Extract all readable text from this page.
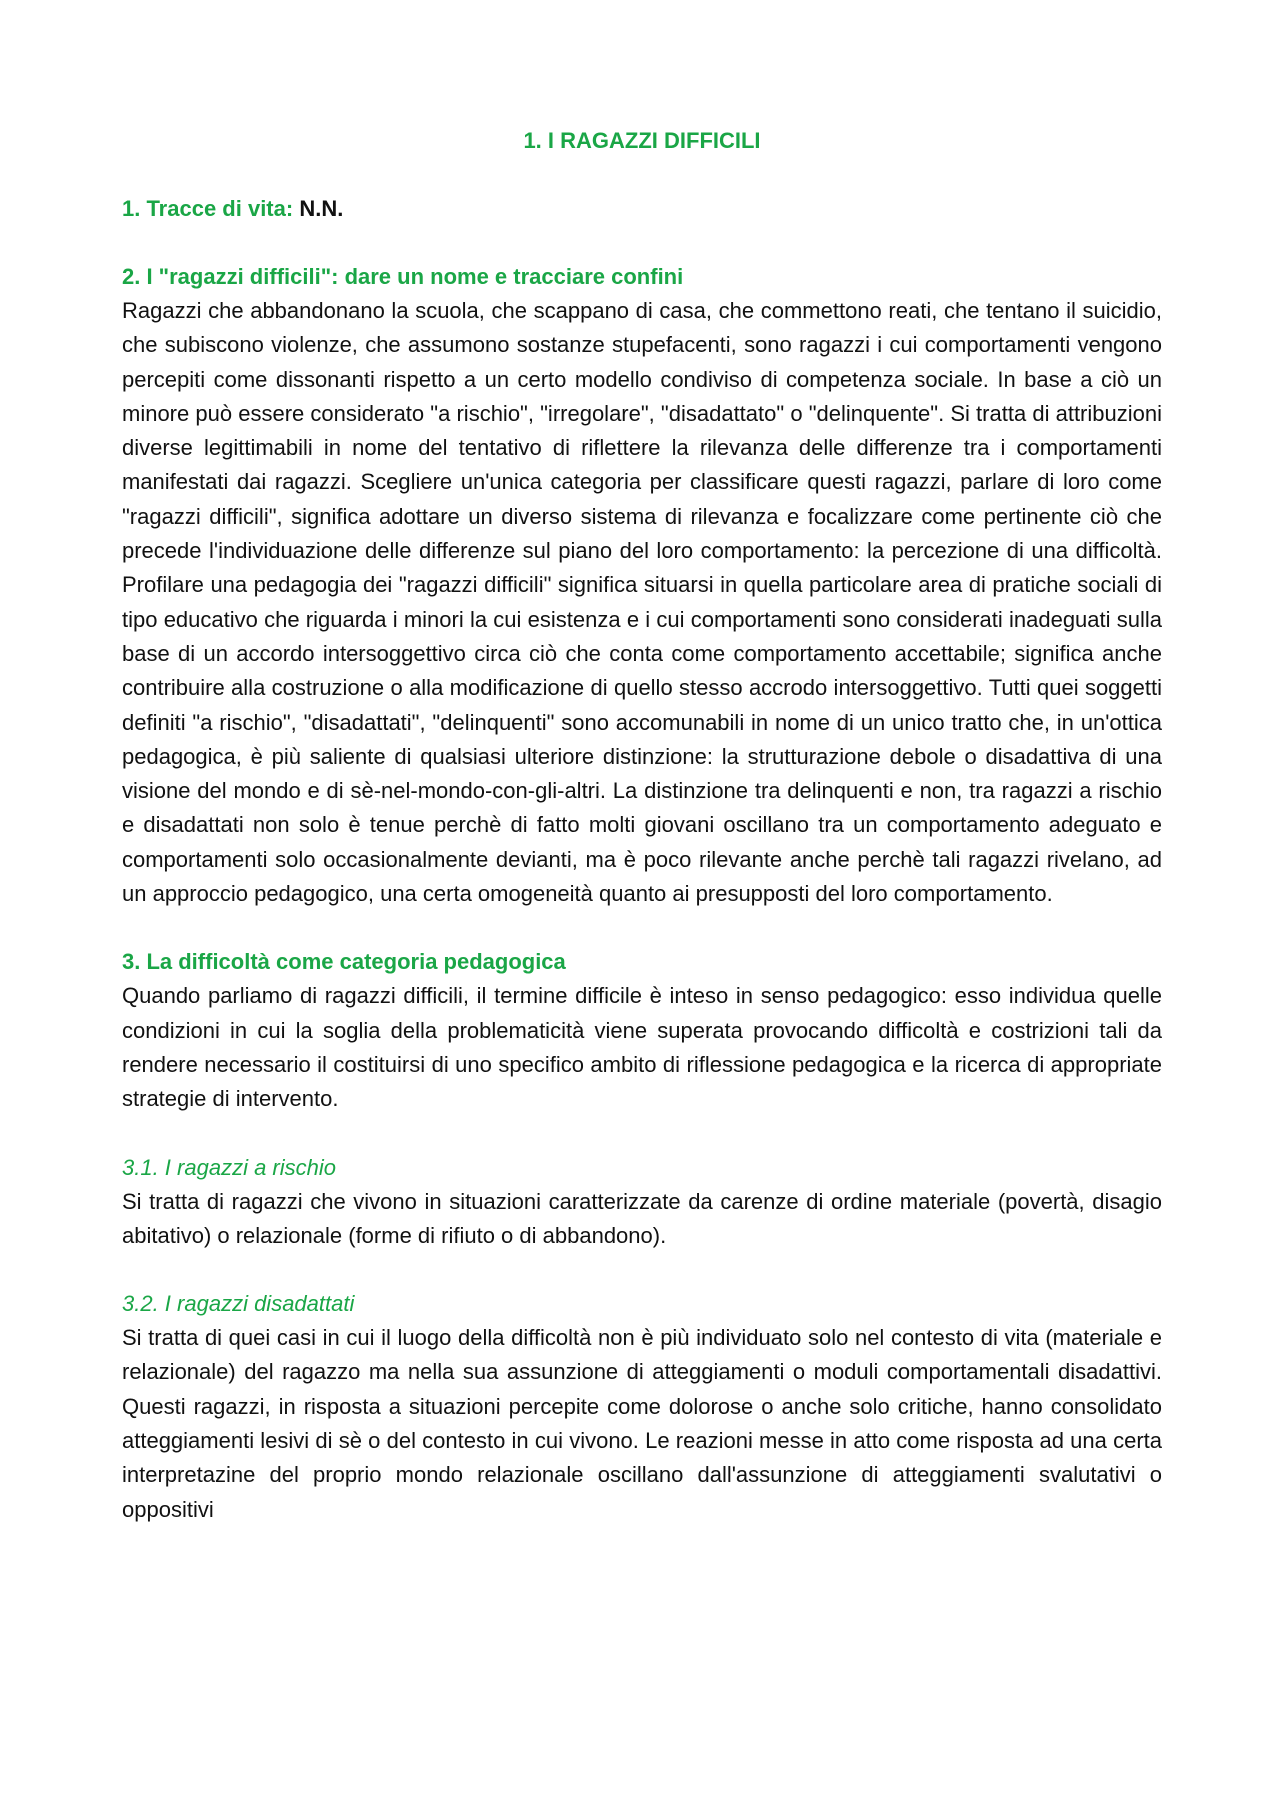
1. I RAGAZZI DIFFICILI

1. Tracce di vita: N.N.

2. I "ragazzi difficili": dare un nome e tracciare confini

Ragazzi che abbandonano la scuola, che scappano di casa, che commettono reati, che tentano il suicidio, che subiscono violenze, che assumono sostanze stupefacenti, sono ragazzi i cui comportamenti vengono percepiti come dissonanti rispetto a un certo modello condiviso di competenza sociale. In base a ciò un minore può essere considerato "a rischio", "irregolare", "disadattato" o "delinquente". Si tratta di attribuzioni diverse legittimabili in nome del tentativo di riflettere la rilevanza delle differenze tra i comportamenti manifestati dai ragazzi. Scegliere un'unica categoria per classificare questi ragazzi, parlare di loro come "ragazzi difficili", significa adottare un diverso sistema di rilevanza e focalizzare come pertinente ciò che precede l'individuazione delle differenze sul piano del loro comportamento: la percezione di una difficoltà. Profilare una pedagogia dei "ragazzi difficili" significa situarsi in quella particolare area di pratiche sociali di tipo educativo che riguarda i minori la cui esistenza e i cui comportamenti sono considerati inadeguati sulla base di un accordo intersoggettivo circa ciò che conta come comportamento accettabile; significa anche contribuire alla costruzione o alla modificazione di quello stesso accrodo intersoggettivo. Tutti quei soggetti definiti "a rischio", "disadattati", "delinquenti" sono accomunabili in nome di un unico tratto che, in un'ottica pedagogica, è più saliente di qualsiasi ulteriore distinzione: la strutturazione debole o disadattiva di una visione del mondo e di sè-nel-mondo-con-gli-altri. La distinzione tra delinquenti e non, tra ragazzi a rischio e disadattati non solo è tenue perchè di fatto molti giovani oscillano tra un comportamento adeguato e comportamenti solo occasionalmente devianti, ma è poco rilevante anche perchè tali ragazzi rivelano, ad un approccio pedagogico, una certa omogeneità quanto ai presupposti del loro comportamento.

3. La difficoltà come categoria pedagogica

Quando parliamo di ragazzi difficili, il termine difficile è inteso in senso pedagogico: esso individua quelle condizioni in cui la soglia della problematicità viene superata provocando difficoltà e costrizioni tali da rendere necessario il costituirsi di uno specifico ambito di riflessione pedagogica e la ricerca di appropriate strategie di intervento.

3.1. I ragazzi a rischio

Si tratta di ragazzi che vivono in situazioni caratterizzate da carenze di ordine materiale (povertà, disagio abitativo) o relazionale (forme di rifiuto o di abbandono).

3.2. I ragazzi disadattati

Si tratta di quei casi in cui il luogo della difficoltà non è più individuato solo nel contesto di vita (materiale e relazionale) del ragazzo ma nella sua assunzione di atteggiamenti o moduli comportamentali disadattivi. Questi ragazzi, in risposta a situazioni percepite come dolorose o anche solo critiche, hanno consolidato atteggiamenti lesivi di sè o del contesto in cui vivono. Le reazioni messe in atto come risposta ad una certa interpretazine del proprio mondo relazionale oscillano dall'assunzione di atteggiamenti svalutativi o oppositivi
